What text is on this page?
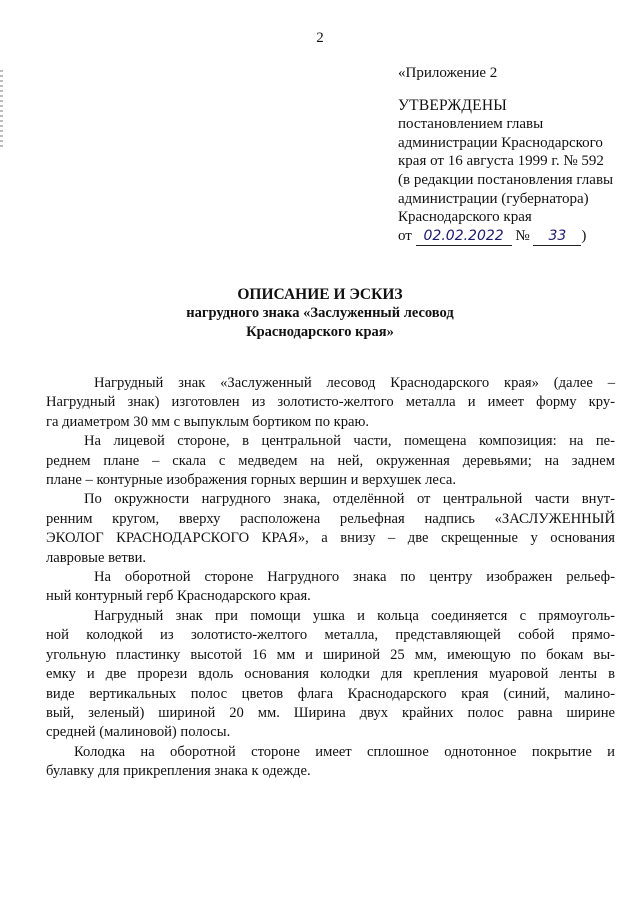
2
«Приложение 2
УТВЕРЖДЕНЫ
постановлением главы
администрации Краснодарского
края от 16 августа 1999 г. № 592
(в редакции постановления главы
администрации (губернатора)
Краснодарского края
от 02.02.2022 № 33 )
ОПИСАНИЕ И ЭСКИЗ
нагрудного знака «Заслуженный лесовод
Краснодарского края»
Нагрудный знак «Заслуженный лесовод Краснодарского края» (далее –
Нагрудный знак) изготовлен из золотисто-желтого металла и имеет форму кру-
га диаметром 30 мм с выпуклым бортиком по краю.
На лицевой стороне, в центральной части, помещена композиция: на пе-
реднем плане – скала с медведем на ней, окруженная деревьями; на заднем
плане – контурные изображения горных вершин и верхушек леса.
По окружности нагрудного знака, отделённой от центральной части внут-
ренним кругом, вверху расположена рельефная надпись «ЗАСЛУЖЕННЫЙ
ЭКОЛОГ КРАСНОДАРСКОГО КРАЯ», а внизу – две скрещенные у основания
лавровые ветви.
На оборотной стороне Нагрудного знака по центру изображен рельеф-
ный контурный герб Краснодарского края.
Нагрудный знак при помощи ушка и кольца соединяется с прямоуголь-
ной колодкой из золотисто-желтого металла, представляющей собой прямо-
угольную пластинку высотой 16 мм и шириной 25 мм, имеющую по бокам вы-
емку и две прорези вдоль основания колодки для крепления муаровой ленты в
виде вертикальных полос цветов флага Краснодарского края (синий, малино-
вый, зеленый) шириной 20 мм. Ширина двух крайних полос равна ширине
средней (малиновой) полосы.
Колодка на оборотной стороне имеет сплошное однотонное покрытие и
булавку для прикрепления знака к одежде.
